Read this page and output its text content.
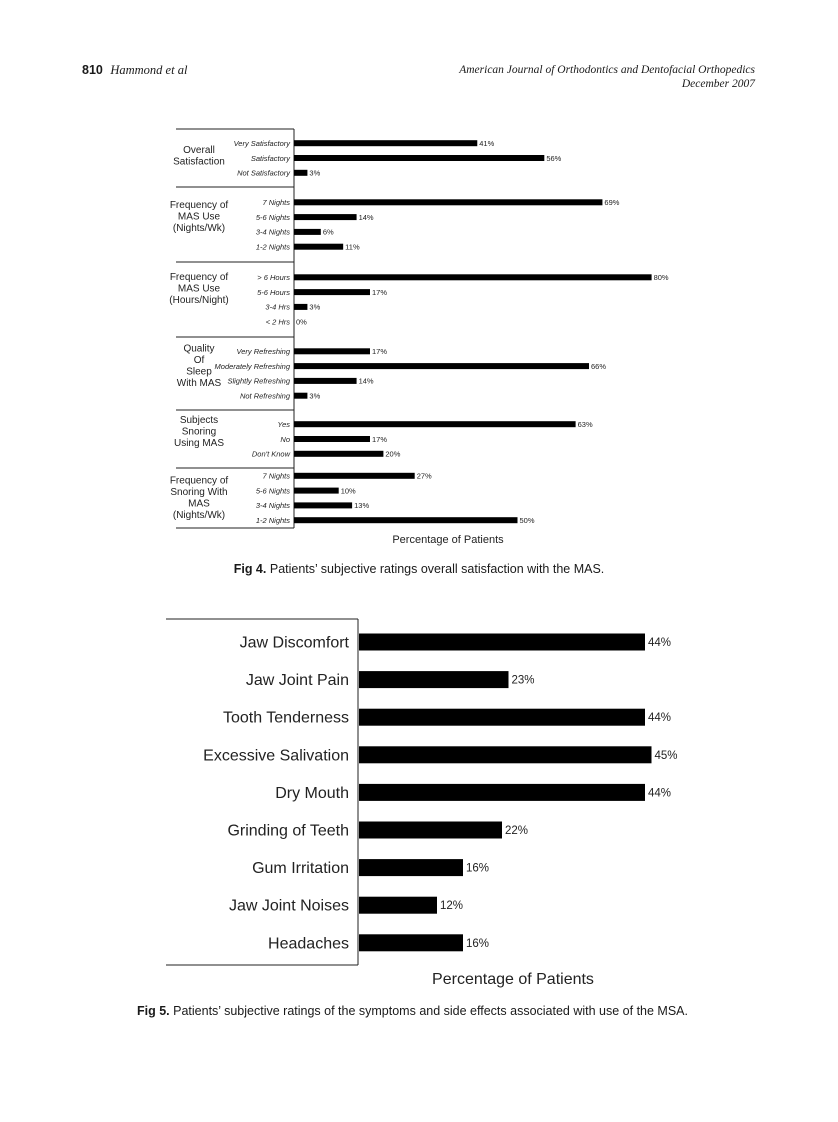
810 Hammond et al	American Journal of Orthodontics and Dentofacial Orthopedics
December 2007
Overall
Satisfaction
Very Satisfactory	41%
Satisfactory	56%
Not Satisfactory	3%
Frequency of
MAS Use
(Nights/Wk)
7 Nights	69%
5-6 Nights	14%
3-4 Nights	6%
1-2 Nights	11%
Frequency of
MAS Use
(Hours/Night)
> 6 Hours	80%
5-6 Hours	17%
3-4 Hrs	3%
< 2 Hrs 0%
Quality
Of
Sleep
With MAS
Very Refreshing	17%
Moderately Refreshing	66%
Slightly Refreshing	14%
Not Refreshing	3%
Subjects
Snoring
Using MAS
Yes	63%
No	17%
Don't Know	20%
Frequency of
Snoring With
MAS
(Nights/Wk)
7 Nights	27%
5-6 Nights	10%
3-4 Nights	13%
1-2 Nights	50%
Percentage of Patients
Fig 4. Patients’ subjective ratings overall satisfaction with the MAS.
Jaw Discomfort	44%
Jaw Joint Pain	23%
Tooth Tenderness	44%
Excessive Salivation	45%
Dry Mouth	44%
Grinding of Teeth	22%
Gum Irritation	16%
Jaw Joint Noises	12%
Headaches	16%
Percentage of Patients
Fig 5. Patients’ subjective ratings of the symptoms and side effects associated with use of the MSA.
